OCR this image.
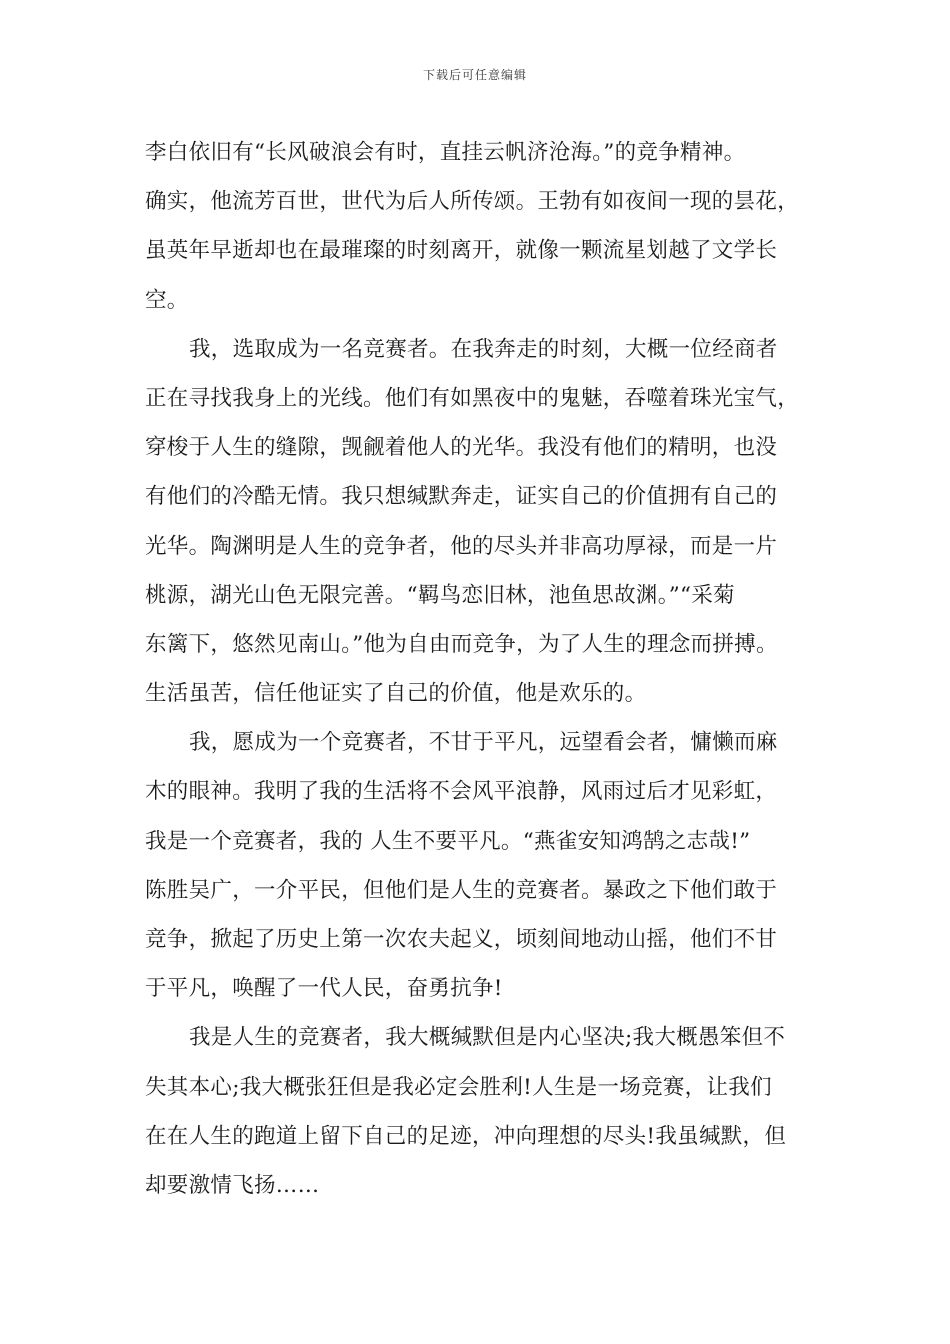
下载后可任意编辑
李白依旧有“长风破浪会有时，直挂云帆济沧海。”的竞争精神。
确实，他流芳百世，世代为后人所传颂。王勃有如夜间一现的昙花，
虽英年早逝却也在最璀璨的时刻离开，就像一颗流星划越了文学长
空。
我，选取成为一名竞赛者。在我奔走的时刻，大概一位经商者
正在寻找我身上的光线。他们有如黑夜中的鬼魅，吞噬着珠光宝气，
穿梭于人生的缝隙，觊觎着他人的光华。我没有他们的精明，也没
有他们的冷酷无情。我只想缄默奔走，证实自己的价值拥有自己的
光华。陶渊明是人生的竞争者，他的尽头并非高功厚禄，而是一片
桃源，湖光山色无限完善。“羁鸟恋旧林，池鱼思故渊。”“采菊
东篱下，悠然见南山。”他为自由而竞争，为了人生的理念而拼搏。
生活虽苦，信任他证实了自己的价值，他是欢乐的。
我，愿成为一个竞赛者，不甘于平凡，远望看会者，慵懒而麻
木的眼神。我明了我的生活将不会风平浪静，风雨过后才见彩虹，
我是一个竞赛者，我的 人生不要平凡。“燕雀安知鸿鹄之志哉!”
陈胜吴广，一介平民，但他们是人生的竞赛者。暴政之下他们敢于
竞争，掀起了历史上第一次农夫起义，顷刻间地动山摇，他们不甘
于平凡，唤醒了一代人民，奋勇抗争!
我是人生的竞赛者，我大概缄默但是内心坚决;我大概愚笨但不
失其本心;我大概张狂但是我必定会胜利!人生是一场竞赛，让我们
在在人生的跑道上留下自己的足迹，冲向理想的尽头!我虽缄默，但
却要激情飞扬……
